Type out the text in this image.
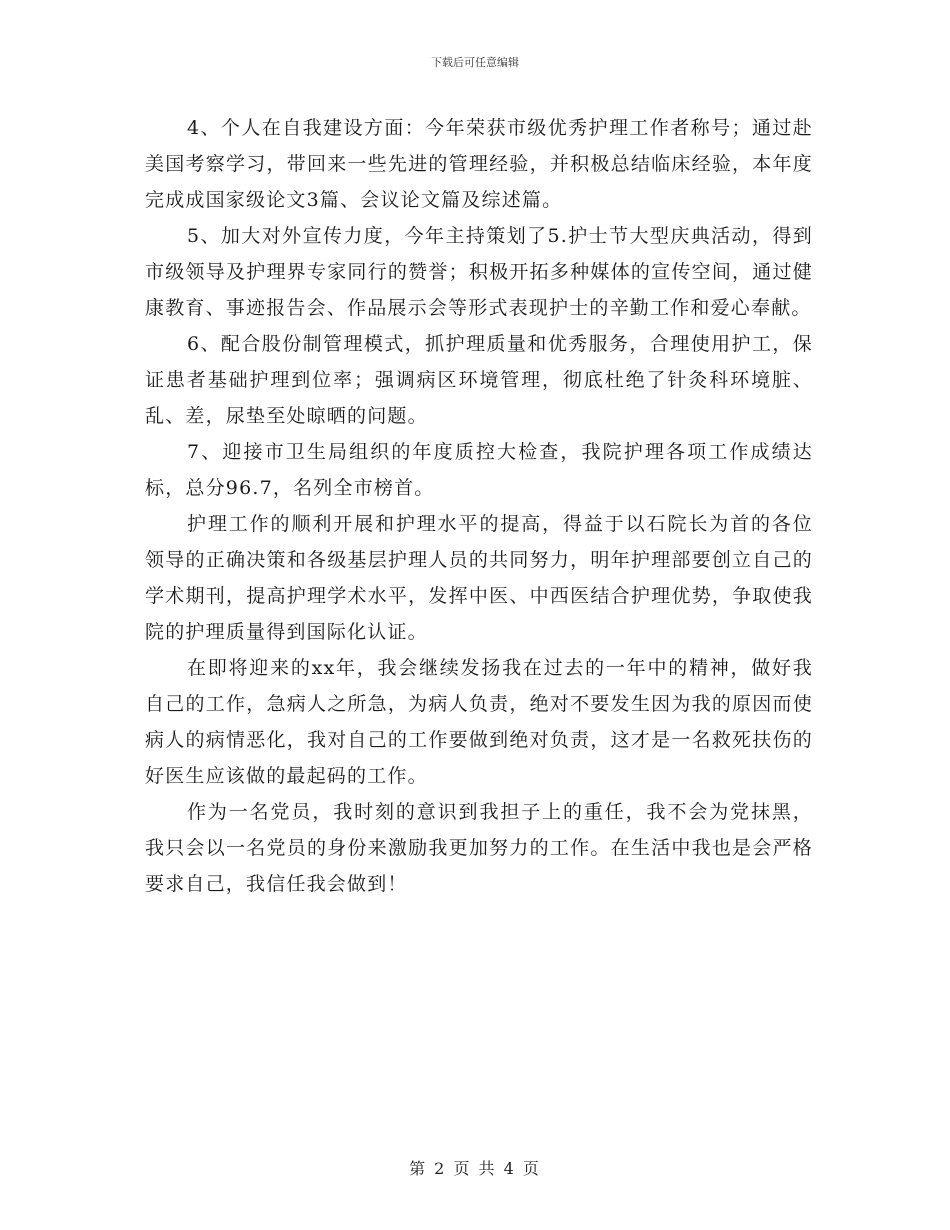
下载后可任意编辑

4、个人在自我建设方面：今年荣获市级优秀护理工作者称号；通过赴美国考察学习，带回来一些先进的管理经验，并积极总结临床经验，本年度完成成国家级论文3篇、会议论文篇及综述篇。

5、加大对外宣传力度，今年主持策划了5.护士节大型庆典活动，得到市级领导及护理界专家同行的赞誉；积极开拓多种媒体的宣传空间，通过健康教育、事迹报告会、作品展示会等形式表现护士的辛勤工作和爱心奉献。

6、配合股份制管理模式，抓护理质量和优秀服务，合理使用护工，保证患者基础护理到位率；强调病区环境管理，彻底杜绝了针灸科环境脏、乱、差，尿垫至处晾晒的问题。

7、迎接市卫生局组织的年度质控大检查，我院护理各项工作成绩达标，总分96.7，名列全市榜首。

护理工作的顺利开展和护理水平的提高，得益于以石院长为首的各位领导的正确决策和各级基层护理人员的共同努力，明年护理部要创立自己的学术期刊，提高护理学术水平，发挥中医、中西医结合护理优势，争取使我院的护理质量得到国际化认证。

在即将迎来的xx年，我会继续发扬我在过去的一年中的精神，做好我自己的工作，急病人之所急，为病人负责，绝对不要发生因为我的原因而使病人的病情恶化，我对自己的工作要做到绝对负责，这才是一名救死扶伤的好医生应该做的最起码的工作。

作为一名党员，我时刻的意识到我担子上的重任，我不会为党抹黑，我只会以一名党员的身份来激励我更加努力的工作。在生活中我也是会严格要求自己，我信任我会做到！

第 2 页 共 4 页
